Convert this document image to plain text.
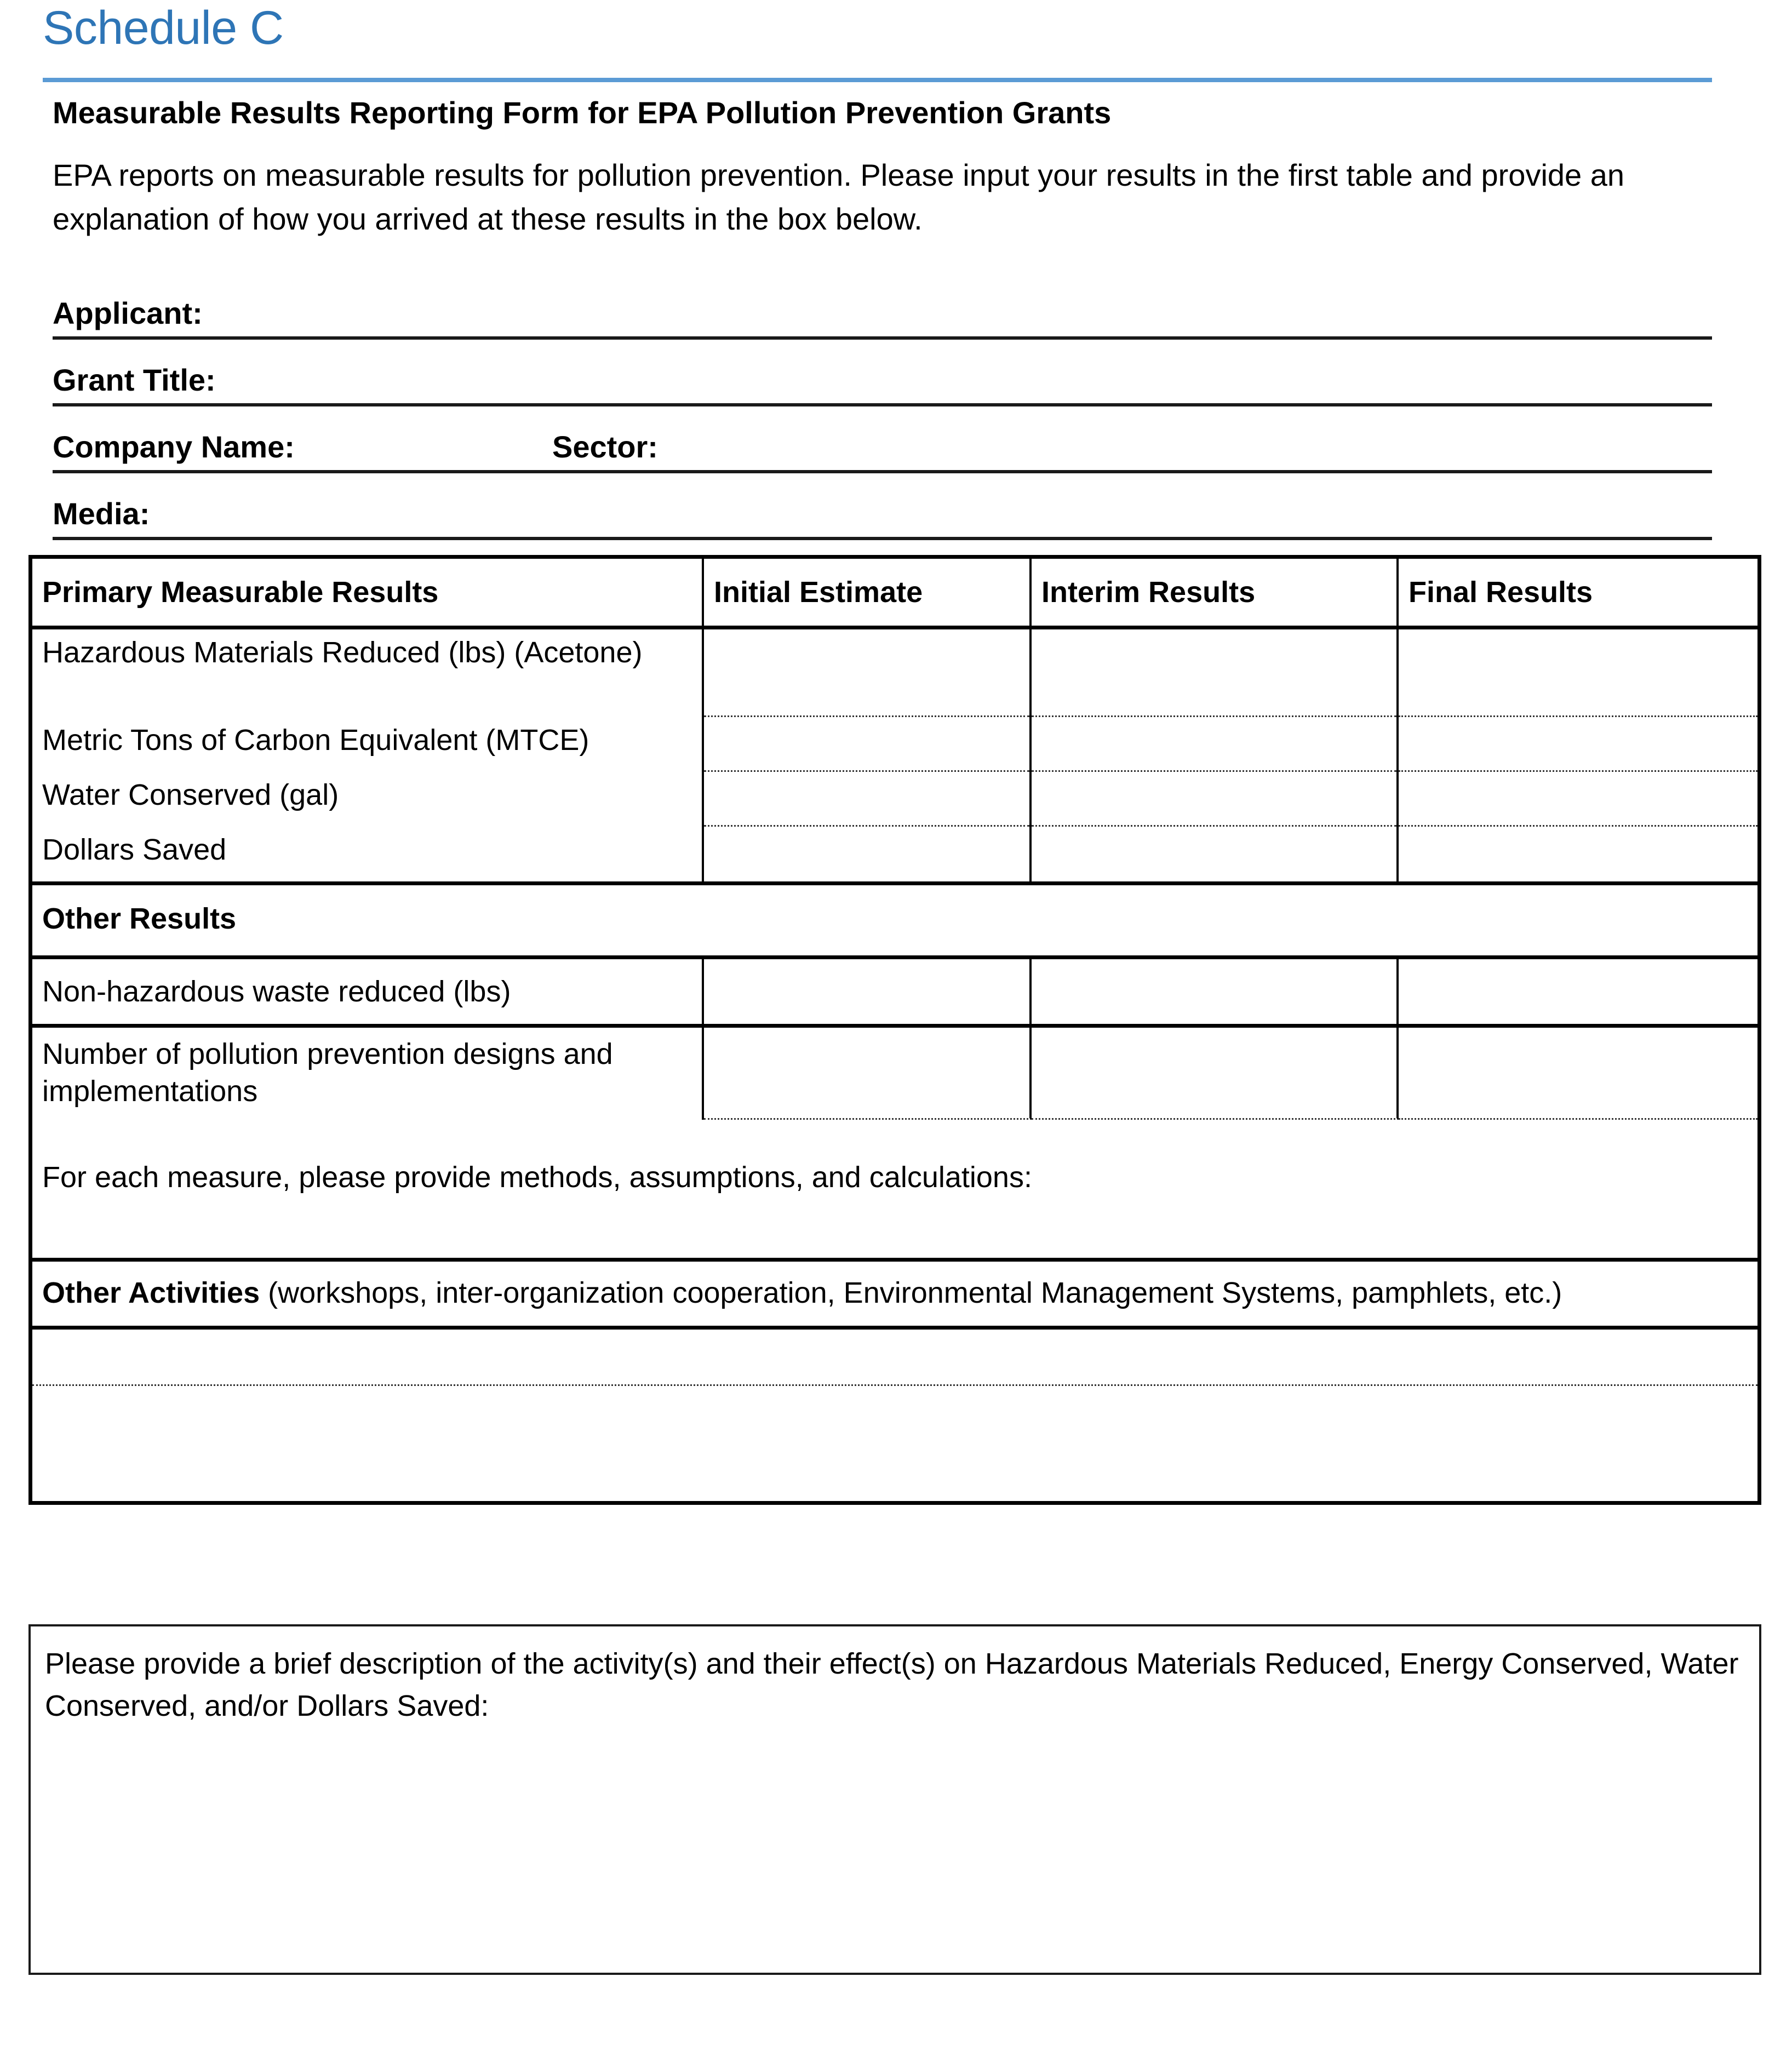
Schedule C
Measurable Results Reporting Form for EPA Pollution Prevention Grants
EPA reports on measurable results for pollution prevention. Please input your results in the first table and provide an explanation of how you arrived at these results in the box below.
Applicant:
Grant Title:
Company Name:	Sector:
Media:
Primary Measurable Results	Initial Estimate	Interim Results	Final Results
Hazardous Materials Reduced (lbs) (Acetone)
Metric Tons of Carbon Equivalent (MTCE)
Water Conserved (gal)
Dollars Saved
Other Results
Non-hazardous waste reduced (lbs)
Number of pollution prevention designs and implementations
For each measure, please provide methods, assumptions, and calculations:
Other Activities (workshops, inter-organization cooperation, Environmental Management Systems, pamphlets, etc.)
Please provide a brief description of the activity(s) and their effect(s) on Hazardous Materials Reduced, Energy Conserved, Water Conserved, and/or Dollars Saved:
